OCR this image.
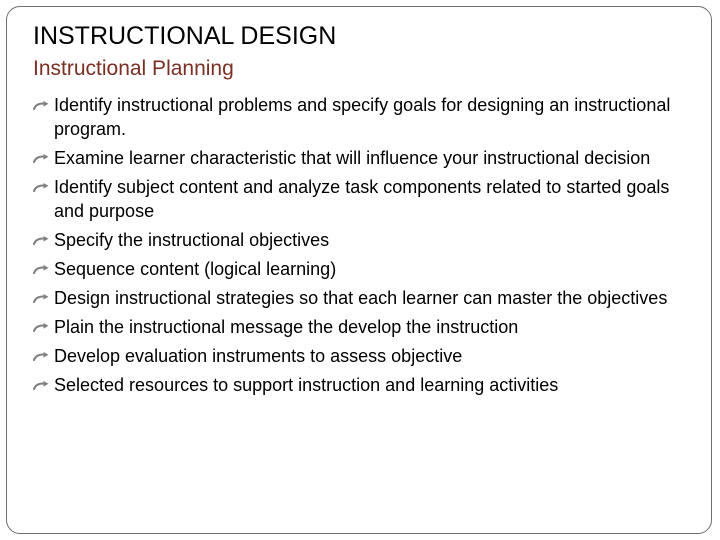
INSTRUCTIONAL DESIGN
Instructional Planning
Identify instructional problems and specify goals for designing an instructional program.
Examine learner characteristic that will influence your instructional decision
Identify subject content and analyze task components related to started goals and purpose
Specify the instructional objectives
Sequence content (logical learning)
Design instructional strategies so that each learner can master the objectives
Plain the instructional message the develop the instruction
Develop evaluation instruments to assess objective
Selected resources to support instruction and learning activities
